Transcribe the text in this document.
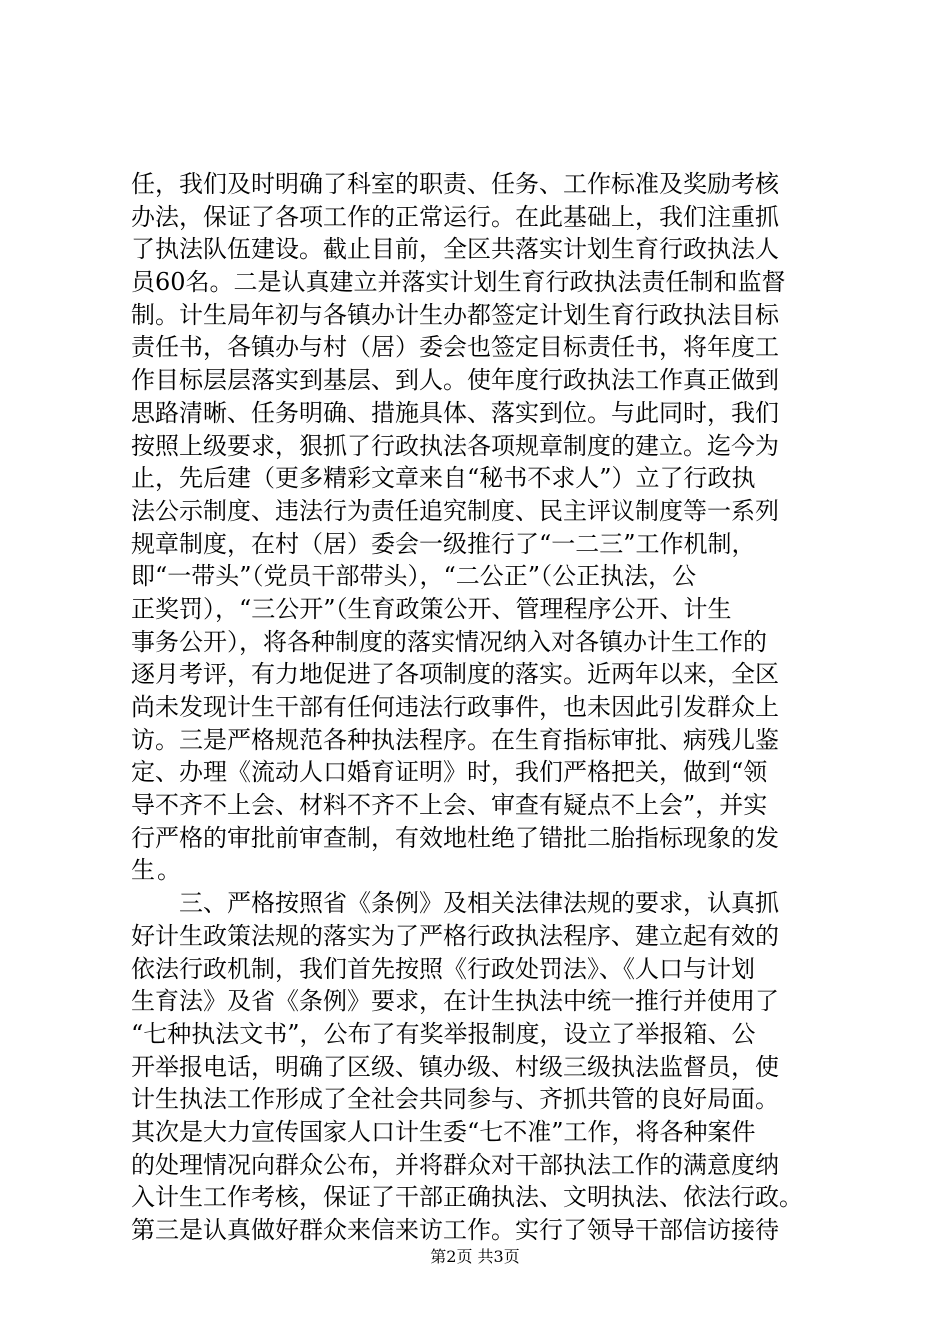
任，我们及时明确了科室的职责、任务、工作标准及奖励考核
办法，保证了各项工作的正常运行。在此基础上，我们注重抓
了执法队伍建设。截止目前，全区共落实计划生育行政执法人
员60名。二是认真建立并落实计划生育行政执法责任制和监督
制。计生局年初与各镇办计生办都签定计划生育行政执法目标
责任书，各镇办与村（居）委会也签定目标责任书，将年度工
作目标层层落实到基层、到人。使年度行政执法工作真正做到
思路清晰、任务明确、措施具体、落实到位。与此同时，我们
按照上级要求，狠抓了行政执法各项规章制度的建立。迄今为
止，先后建（更多精彩文章来自“秘书不求人”）立了行政执
法公示制度、违法行为责任追究制度、民主评议制度等一系列
规章制度，在村（居）委会一级推行了“一二三”工作机制，
即“一带头”（党员干部带头），“二公正”（公正执法，公
正奖罚），“三公开”（生育政策公开、管理程序公开、计生
事务公开），将各种制度的落实情况纳入对各镇办计生工作的
逐月考评，有力地促进了各项制度的落实。近两年以来，全区
尚未发现计生干部有任何违法行政事件，也未因此引发群众上
访。三是严格规范各种执法程序。在生育指标审批、病残儿鉴
定、办理《流动人口婚育证明》时，我们严格把关，做到“领
导不齐不上会、材料不齐不上会、审查有疑点不上会”，并实
行严格的审批前审查制，有效地杜绝了错批二胎指标现象的发
生。
　　三、严格按照省《条例》及相关法律法规的要求，认真抓
好计生政策法规的落实为了严格行政执法程序、建立起有效的
依法行政机制，我们首先按照《行政处罚法》、《人口与计划
生育法》及省《条例》要求，在计生执法中统一推行并使用了
“七种执法文书”，公布了有奖举报制度，设立了举报箱、公
开举报电话，明确了区级、镇办级、村级三级执法监督员，使
计生执法工作形成了全社会共同参与、齐抓共管的良好局面。
其次是大力宣传国家人口计生委“七不准”工作，将各种案件
的处理情况向群众公布，并将群众对干部执法工作的满意度纳
入计生工作考核，保证了干部正确执法、文明执法、依法行政。
第三是认真做好群众来信来访工作。实行了领导干部信访接待
第2页 共3页
